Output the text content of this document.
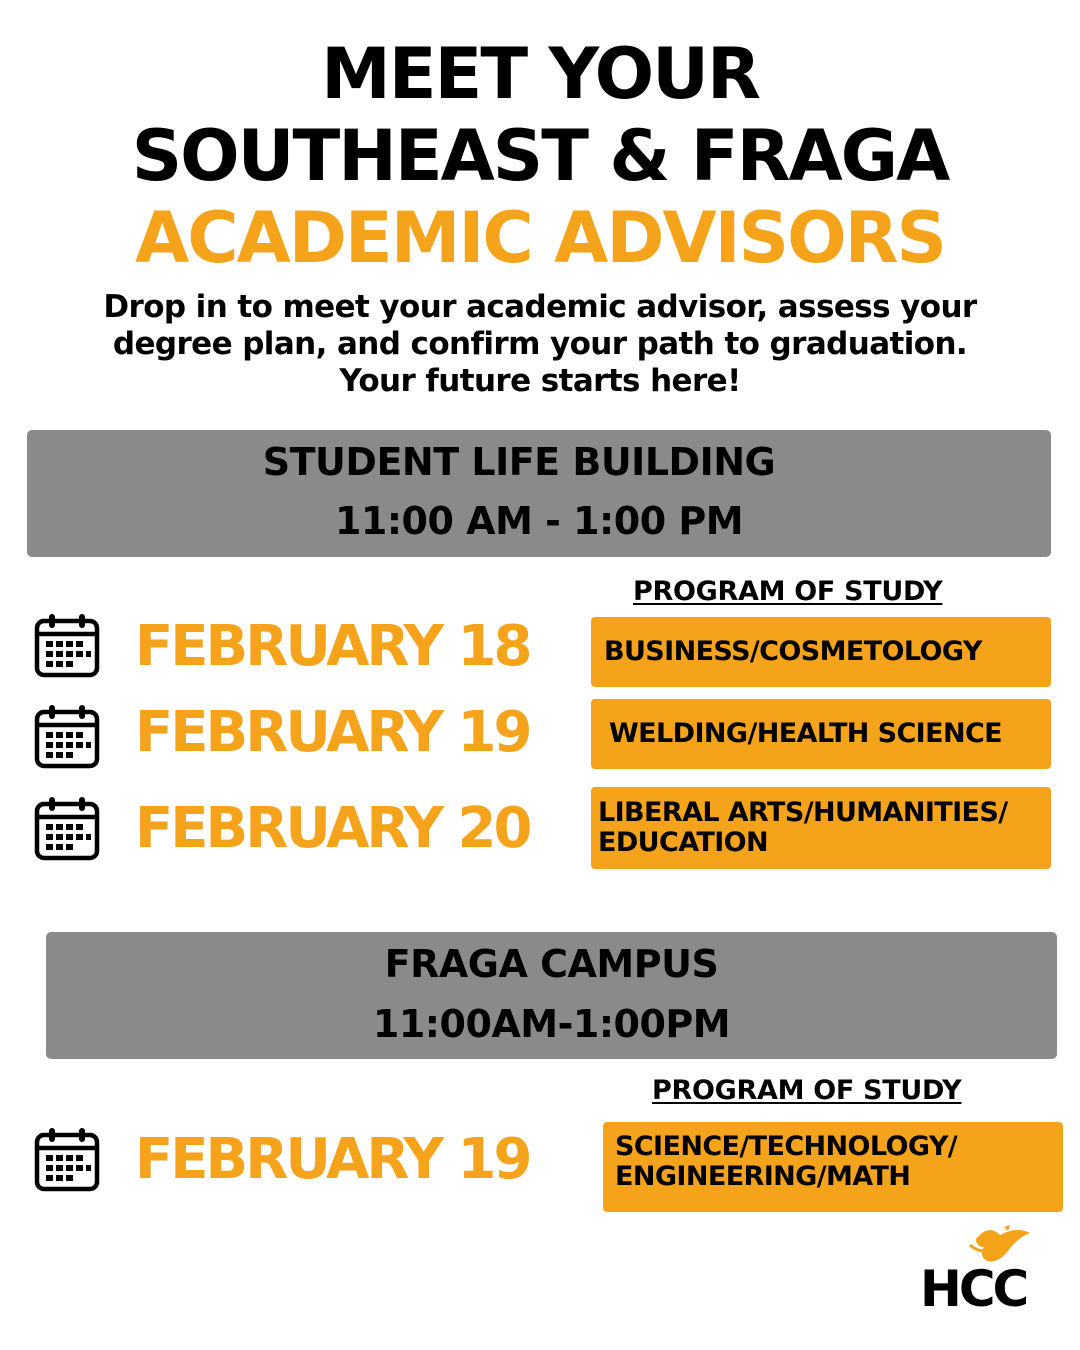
MEET YOUR
SOUTHEAST & FRAGA
ACADEMIC ADVISORS
Drop in to meet your academic advisor, assess your
degree plan, and confirm your path to graduation.
Your future starts here!
STUDENT LIFE BUILDING
11:00 AM - 1:00 PM
PROGRAM OF STUDY
FEBRUARY 18	BUSINESS/COSMETOLOGY
FEBRUARY 19	WELDING/HEALTH SCIENCE
FEBRUARY 20	LIBERAL ARTS/HUMANITIES/
EDUCATION
FRAGA CAMPUS
11:00AM-1:00PM
PROGRAM OF STUDY
FEBRUARY 19	SCIENCE/TECHNOLOGY/
ENGINEERING/MATH
HCC
